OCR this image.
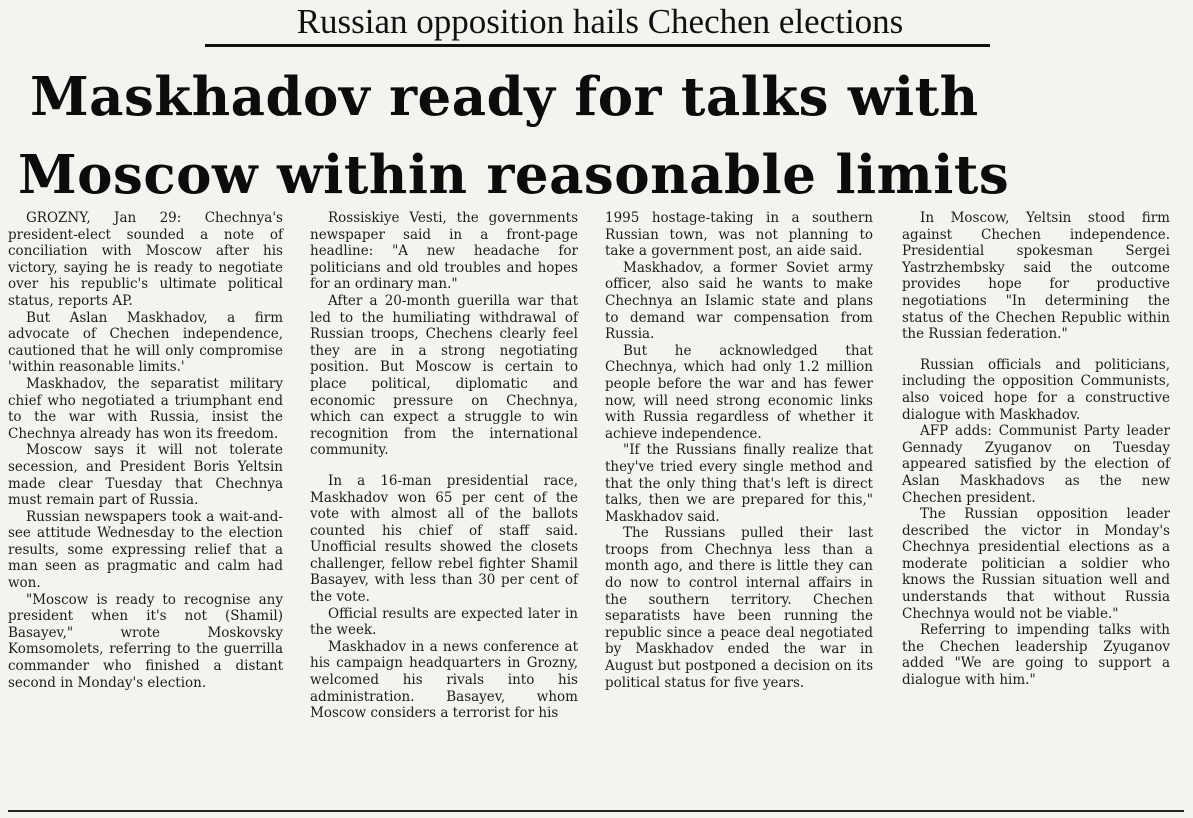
Russian opposition hails Chechen elections
Maskhadov ready for talks with
Moscow within reasonable limits

GROZNY, Jan 29: Chechnya's president-elect sounded a note of conciliation with Moscow after his victory, saying he is ready to negotiate over his republic's ultimate political status, reports AP.

But Aslan Maskhadov, a firm advocate of Chechen independence, cautioned that he will only compromise 'within reasonable limits.'

Maskhadov, the separatist military chief who negotiated a triumphant end to the war with Russia, insist the Chechnya already has won its freedom.

Moscow says it will not tolerate secession, and President Boris Yeltsin made clear Tuesday that Chechnya must remain part of Russia.

Russian newspapers took a wait-and-see attitude Wednesday to the election results, some expressing relief that a man seen as pragmatic and calm had won.

"Moscow is ready to recognise any president when it's not (Shamil) Basayev," wrote Moskovsky Komsomolets, referring to the guerrilla commander who finished a distant second in Monday's election.

Rossiskiye Vesti, the governments newspaper said in a front-page headline: "A new headache for politicians and old troubles and hopes for an ordinary man."

After a 20-month guerilla war that led to the humiliating withdrawal of Russian troops, Chechens clearly feel they are in a strong negotiating position. But Moscow is certain to place political, diplomatic and economic pressure on Chechnya, which can expect a struggle to win recognition from the international community.

In a 16-man presidential race, Maskhadov won 65 per cent of the vote with almost all of the ballots counted his chief of staff said. Unofficial results showed the closets challenger, fellow rebel fighter Shamil Basayev, with less than 30 per cent of the vote.

Official results are expected later in the week.

Maskhadov in a news conference at his campaign headquarters in Grozny, welcomed his rivals into his administration. Basayev, whom Moscow considers a terrorist for his

1995 hostage-taking in a southern Russian town, was not planning to take a government post, an aide said.

Maskhadov, a former Soviet army officer, also said he wants to make Chechnya an Islamic state and plans to demand war compensation from Russia.

But he acknowledged that Chechnya, which had only 1.2 million people before the war and has fewer now, will need strong economic links with Russia regardless of whether it achieve independence.

"If the Russians finally realize that they've tried every single method and that the only thing that's left is direct talks, then we are prepared for this," Maskhadov said.

The Russians pulled their last troops from Chechnya less than a month ago, and there is little they can do now to control internal affairs in the southern territory. Chechen separatists have been running the republic since a peace deal negotiated by Maskhadov ended the war in August but postponed a decision on its political status for five years.

In Moscow, Yeltsin stood firm against Chechen independence. Presidential spokesman Sergei Yastrzhembsky said the outcome provides hope for productive negotiations "In determining the status of the Chechen Republic within the Russian federation."

Russian officials and politicians, including the opposition Communists, also voiced hope for a constructive dialogue with Maskhadov.

AFP adds: Communist Party leader Gennady Zyuganov on Tuesday appeared satisfied by the election of Aslan Maskhadovs as the new Chechen president.

The Russian opposition leader described the victor in Monday's Chechnya presidential elections as a moderate politician a soldier who knows the Russian situation well and understands that without Russia Chechnya would not be viable."

Referring to impending talks with the Chechen leadership Zyuganov added "We are going to support a dialogue with him."
